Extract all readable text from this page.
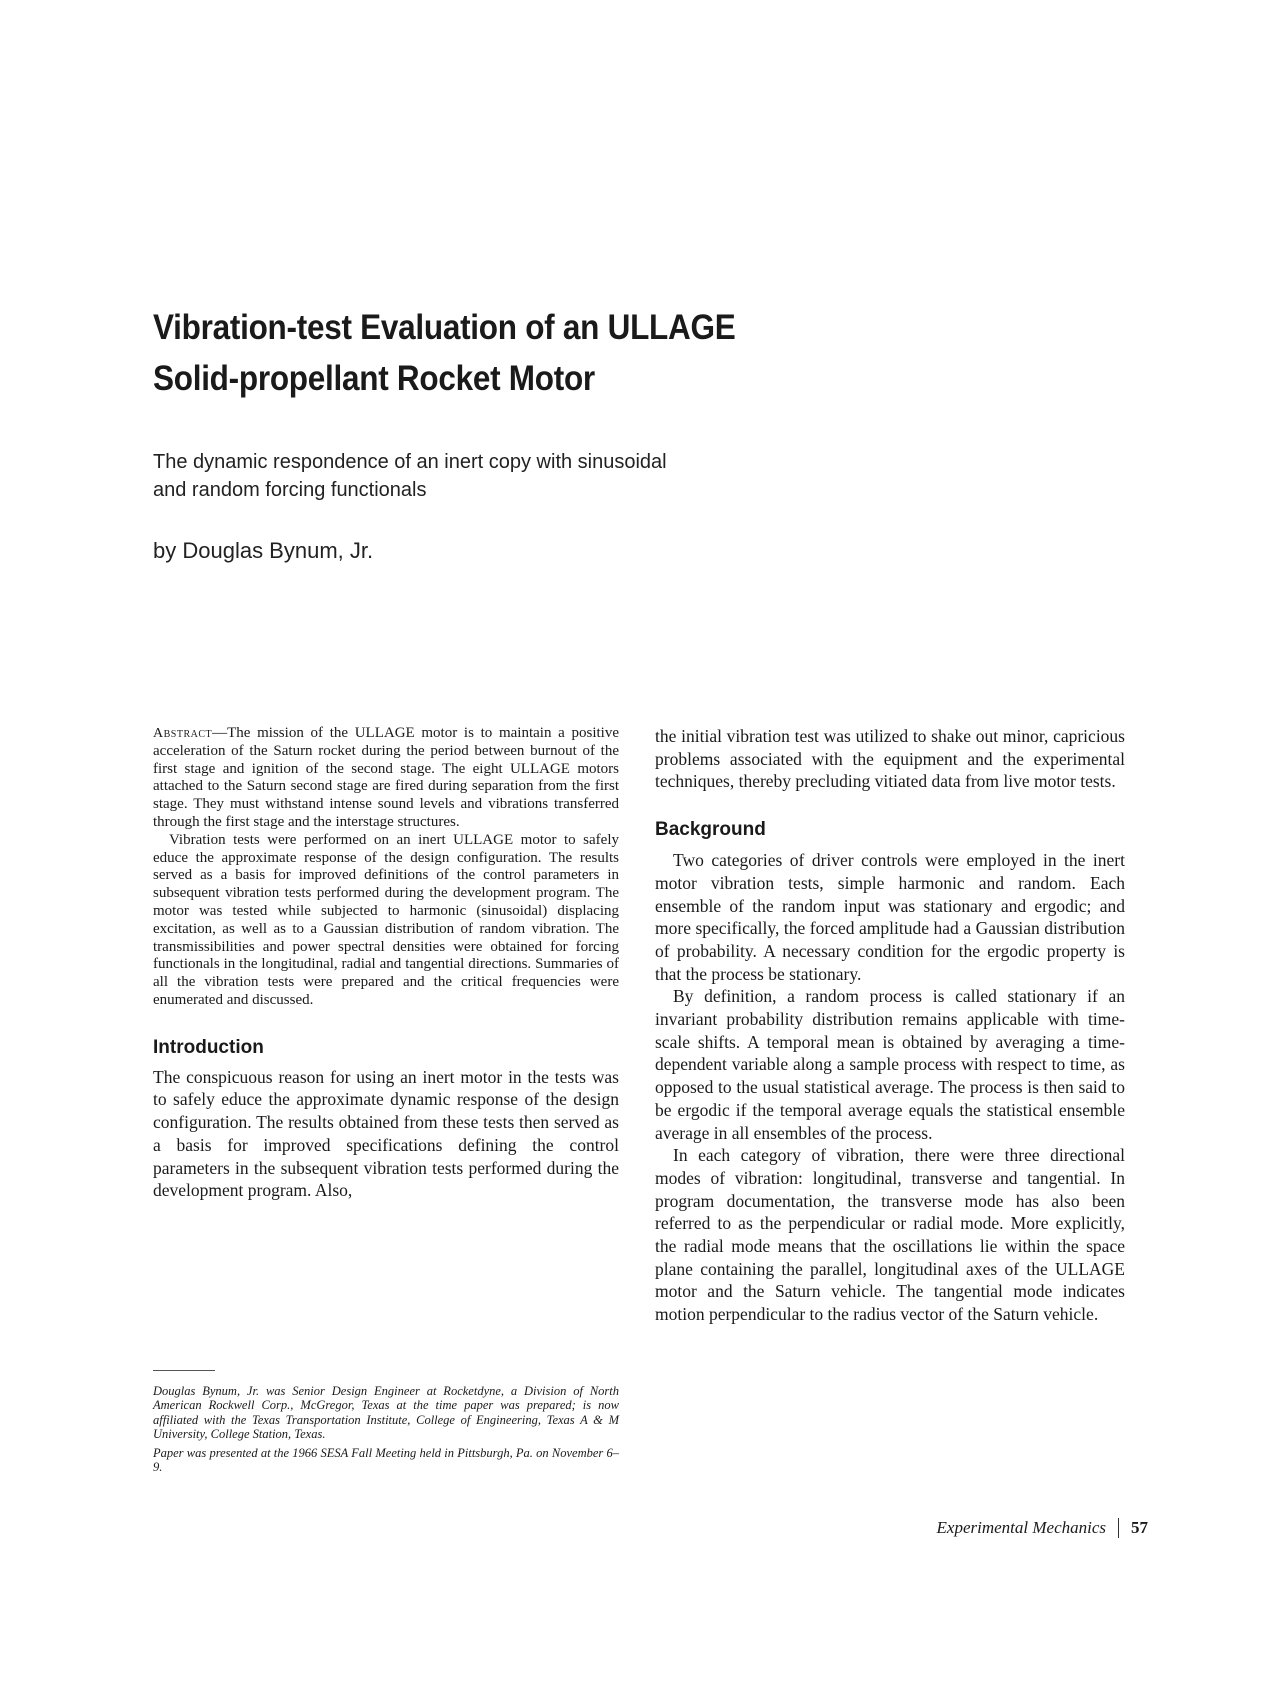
Vibration-test Evaluation of an ULLAGE
Solid-propellant Rocket Motor
The dynamic respondence of an inert copy with sinusoidal
and random forcing functionals
by Douglas Bynum, Jr.

Abstract—The mission of the ULLAGE motor is to maintain a positive acceleration of the Saturn rocket during the period between burnout of the first stage and ignition of the second stage. The eight ULLAGE motors attached to the Saturn second stage are fired during separation from the first stage. They must withstand intense sound levels and vibrations transferred through the first stage and the interstage structures.

Vibration tests were performed on an inert ULLAGE motor to safely educe the approximate response of the design configuration. The results served as a basis for improved definitions of the control parameters in subsequent vibration tests performed during the development program. The motor was tested while subjected to harmonic (sinusoidal) displacing excitation, as well as to a Gaussian distribution of random vibration. The transmissibilities and power spectral densities were obtained for forcing functionals in the longitudinal, radial and tangential directions. Summaries of all the vibration tests were prepared and the critical frequencies were enumerated and discussed.

Introduction

The conspicuous reason for using an inert motor in the tests was to safely educe the approximate dynamic response of the design configuration. The results obtained from these tests then served as a basis for improved specifications defining the control parameters in the subsequent vibration tests performed during the development program. Also,

the initial vibration test was utilized to shake out minor, capricious problems associated with the equipment and the experimental techniques, thereby precluding vitiated data from live motor tests.

Background

Two categories of driver controls were employed in the inert motor vibration tests, simple harmonic and random. Each ensemble of the random input was stationary and ergodic; and more specifically, the forced amplitude had a Gaussian distribution of probability. A necessary condition for the ergodic property is that the process be stationary.

By definition, a random process is called stationary if an invariant probability distribution remains applicable with time-scale shifts. A temporal mean is obtained by averaging a time-dependent variable along a sample process with respect to time, as opposed to the usual statistical average. The process is then said to be ergodic if the temporal average equals the statistical ensemble average in all ensembles of the process.

In each category of vibration, there were three directional modes of vibration: longitudinal, transverse and tangential. In program documentation, the transverse mode has also been referred to as the perpendicular or radial mode. More explicitly, the radial mode means that the oscillations lie within the space plane containing the parallel, longitudinal axes of the ULLAGE motor and the Saturn vehicle. The tangential mode indicates motion perpendicular to the radius vector of the Saturn vehicle.

Douglas Bynum, Jr. was Senior Design Engineer at Rocketdyne, a Division of North American Rockwell Corp., McGregor, Texas at the time paper was prepared; is now affiliated with the Texas Transportation Institute, College of Engineering, Texas A & M University, College Station, Texas.

Paper was presented at the 1966 SESA Fall Meeting held in Pittsburgh, Pa. on November 6–9.

Experimental Mechanics 57
